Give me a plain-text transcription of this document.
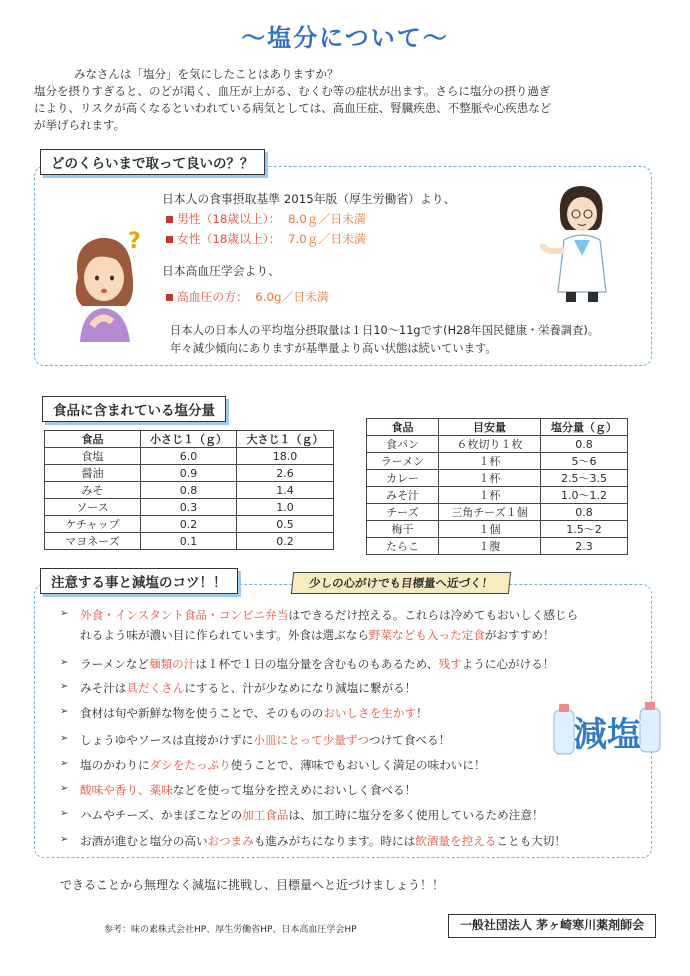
～塩分について～

みなさんは「塩分」を気にしたことはありますか？

塩分を摂りすぎると、のどが渇く、血圧が上がる、むくむ等の症状が出ます。さらに塩分の摂り過ぎ

により、リスクが高くなるといわれている病気としては、高血圧症、腎臓疾患、不整脈や心疾患など

が挙げられます。

どのくらいまで取って良いの？？
日本人の食事摂取基準 2015年版（厚生労働省）より、
男性（18歳以上）： 8.0ｇ／日未満
女性（18歳以上）： 7.0ｇ／日未満
日本高血圧学会より、
高血圧の方： 6.0g／日未満
日本人の日本人の平均塩分摂取量は１日10～11gです(H28年国民健康・栄養調査)。
年々減少傾向にありますが基準量より高い状態は続いています。
?
食品に含まれている塩分量
食品	小さじ１（ｇ）	大さじ１（ｇ）
食塩	6.0	18.0
醤油	0.9	2.6
みそ	0.8	1.4
ソース	0.3	1.0
ケチャップ	0.2	0.5
マヨネーズ	0.1	0.2
食品	目安量	塩分量（ｇ）
食パン	６枚切り１枚	0.8
ラーメン	１杯	5～6
カレー	１杯	2.5～3.5
みそ汁	１杯	1.0～1.2
チーズ	三角チーズ１個	0.8
梅干	１個	1.5～2
たらこ	１腹	2.3
注意する事と減塩のコツ！！	少しの心がけでも目標量へ近づく！
➢ 外食・インスタント食品・コンビニ弁当はできるだけ控える。これらは冷めてもおいしく感じら
れるよう味が濃い目に作られています。外食は選ぶなら野菜なども入った定食がおすすめ！
➢ ラーメンなど麺類の汁は１杯で１日の塩分量を含むものもあるため、残すように心がける！
➢ みそ汁は具だくさんにすると、汁が少なめになり減塩に繋がる！
➢ 食材は旬や新鮮な物を使うことで、そのもののおいしさを生かす！
➢ しょうゆやソースは直接かけずに小皿にとって少量ずつつけて食べる！
➢ 塩のかわりにダシをたっぷり使うことで、薄味でもおいしく満足の味わいに！
➢ 酸味や香り、薬味などを使って塩分を控えめにおいしく食べる！
➢ ハムやチーズ、かまぼこなどの加工食品は、加工時に塩分を多く使用しているため注意！
➢ お酒が進むと塩分の高いおつまみも進みがちになります。時には飲酒量を控えることも大切！
減塩
できることから無理なく減塩に挑戦し、目標量へと近づけましょう！！
参考：味の素株式会社HP、厚生労働省HP、日本高血圧学会HP	一般社団法人 茅ヶ崎寒川薬剤師会
